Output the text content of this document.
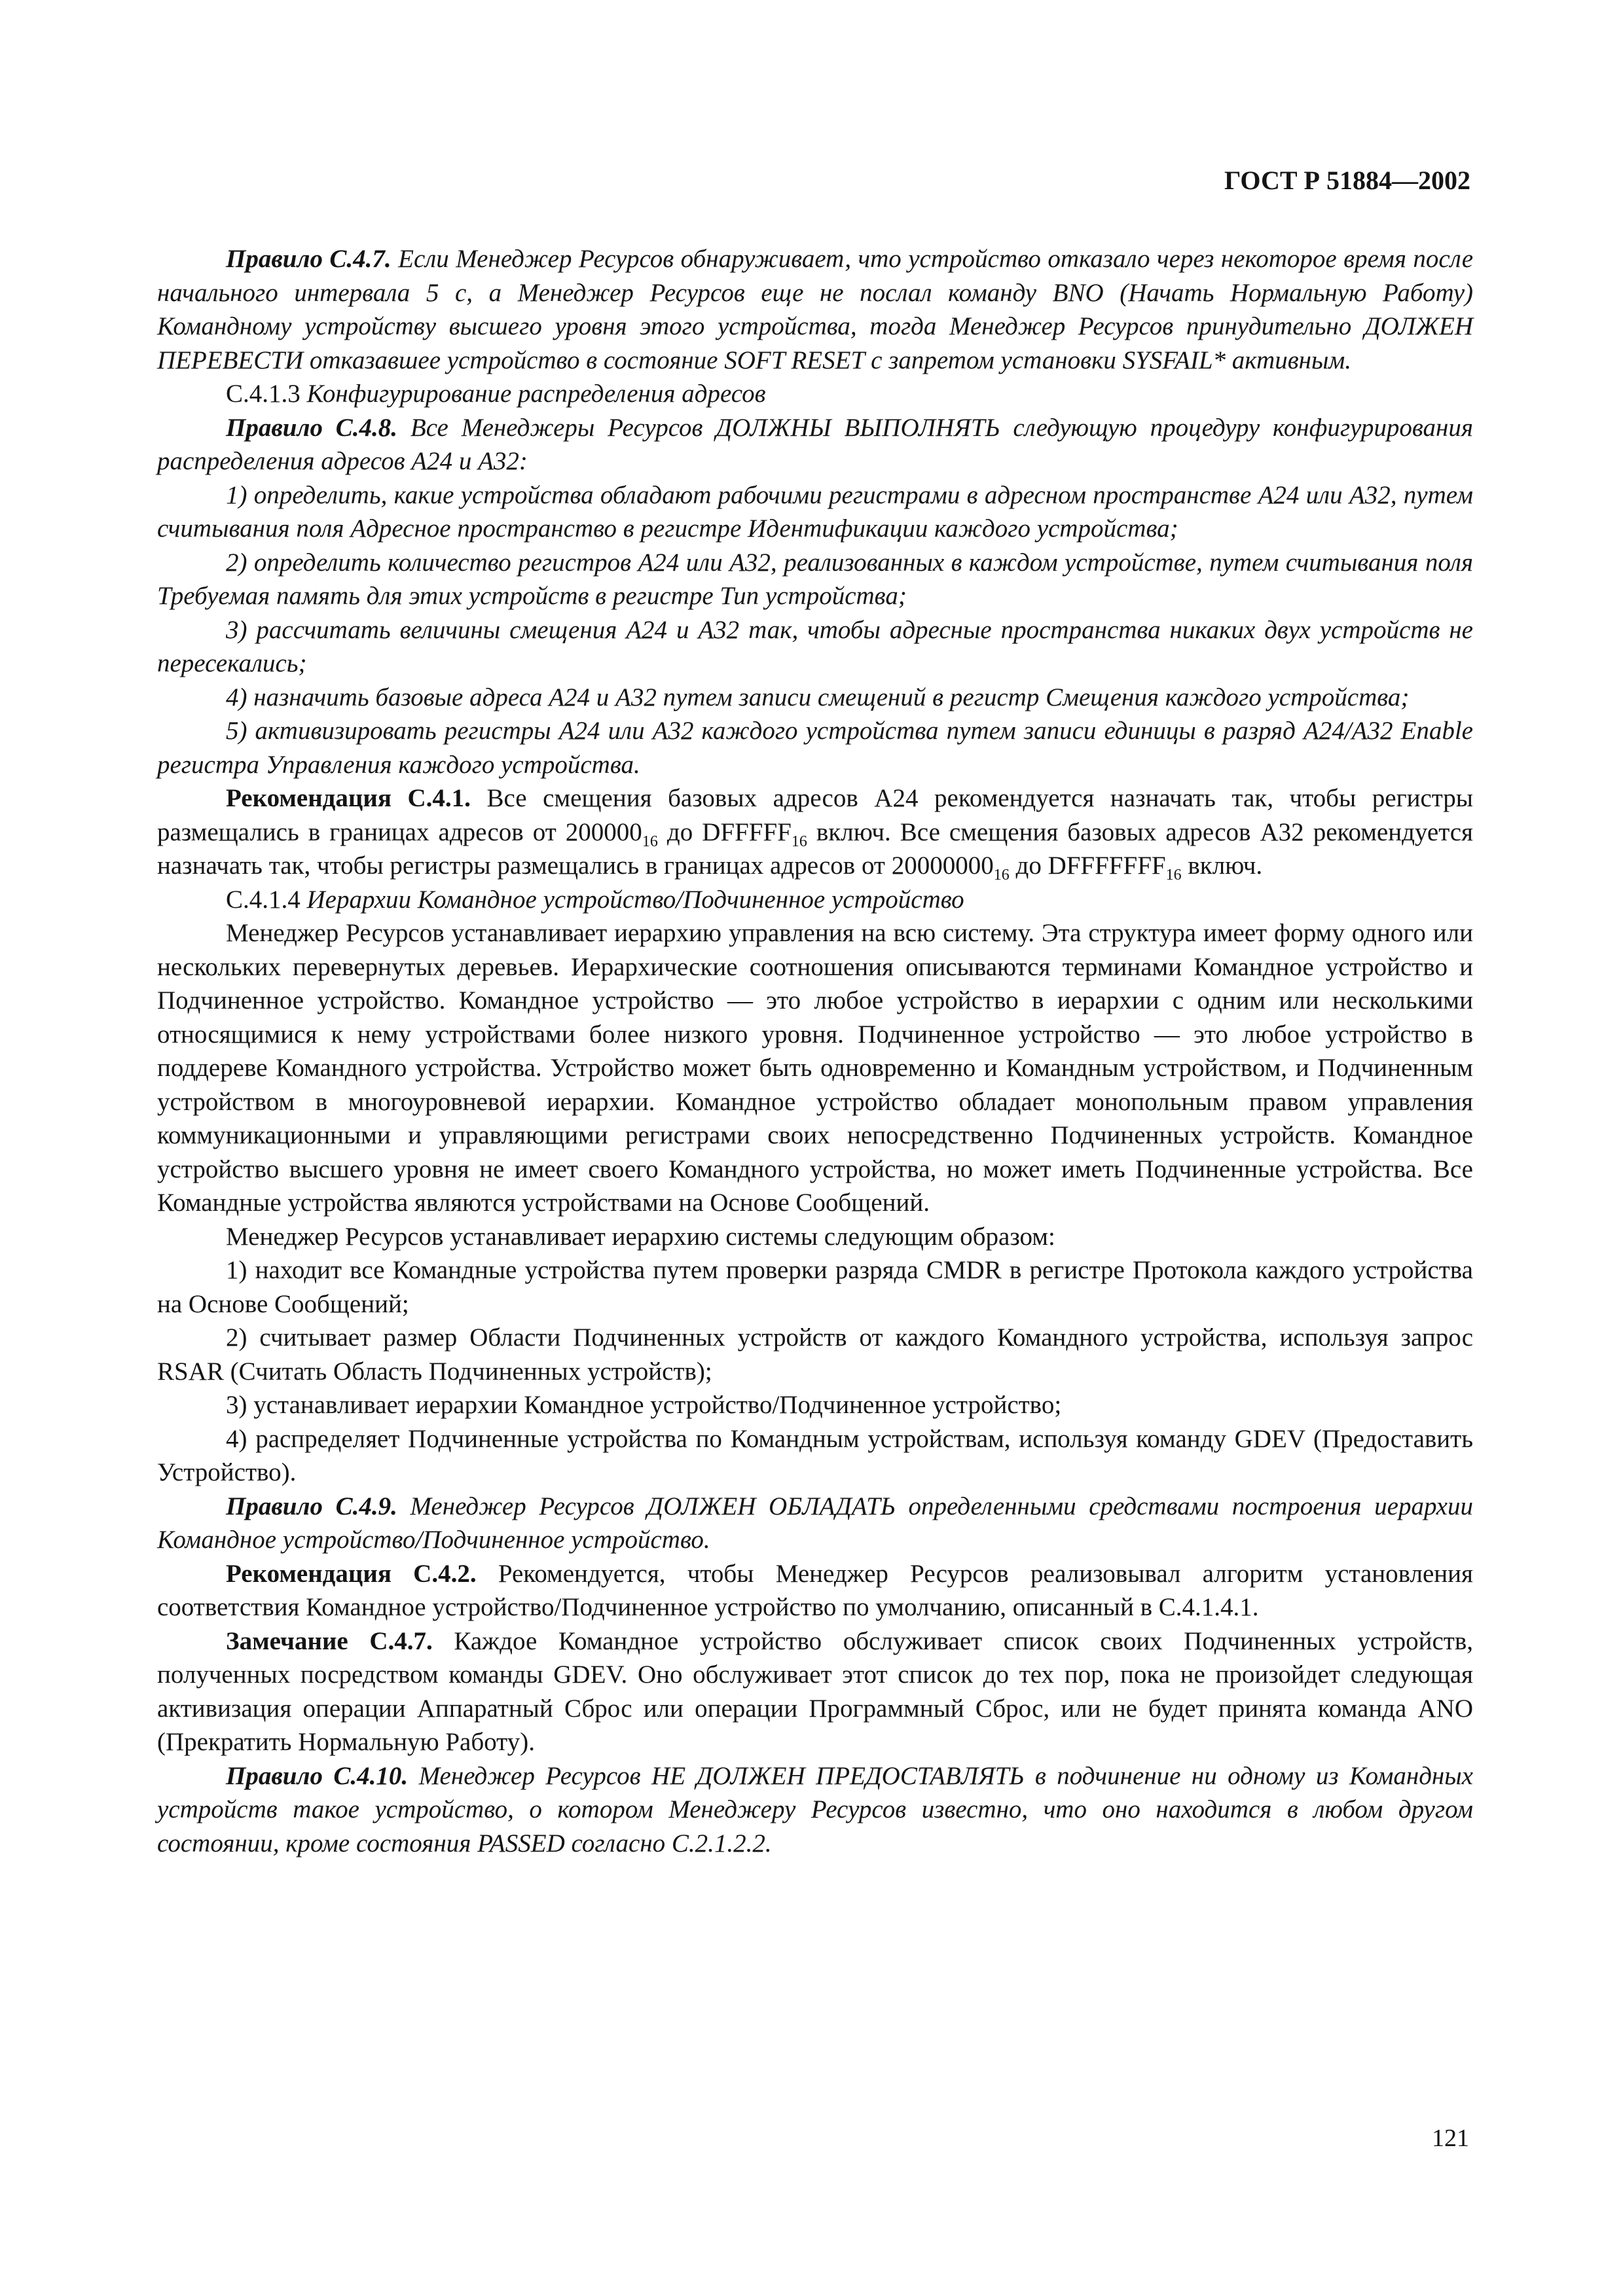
ГОСТ Р 51884—2002

Правило С.4.7. Если Менеджер Ресурсов обнаруживает, что устройство отказало через некоторое время после начального интервала 5 с, а Менеджер Ресурсов еще не послал команду BNO (Начать Нормальную Работу) Командному устройству высшего уровня этого устройства, тогда Менеджер Ресурсов принудительно ДОЛЖЕН ПЕРЕВЕСТИ отказавшее устройство в состояние SOFT RESET с запретом установки SYSFAIL* активным.

С.4.1.3 Конфигурирование распределения адресов

Правило С.4.8. Все Менеджеры Ресурсов ДОЛЖНЫ ВЫПОЛНЯТЬ следующую процедуру конфигурирования распределения адресов А24 и А32:

1) определить, какие устройства обладают рабочими регистрами в адресном пространстве А24 или А32, путем считывания поля Адресное пространство в регистре Идентификации каждого устройства;

2) определить количество регистров А24 или А32, реализованных в каждом устройстве, путем считывания поля Требуемая память для этих устройств в регистре Тип устройства;

3) рассчитать величины смещения А24 и А32 так, чтобы адресные пространства никаких двух устройств не пересекались;

4) назначить базовые адреса А24 и А32 путем записи смещений в регистр Смещения каждого устройства;

5) активизировать регистры А24 или А32 каждого устройства путем записи единицы в разряд А24/А32 Enable регистра Управления каждого устройства.

Рекомендация С.4.1. Все смещения базовых адресов А24 рекомендуется назначать так, чтобы регистры размещались в границах адресов от $200000_{16}$ до $DFFFFF_{16}$ включ. Все смещения базовых адресов А32 рекомендуется назначать так, чтобы регистры размещались в границах адресов от $20000000_{16}$ до $DFFFFFFF_{16}$ включ.

С.4.1.4 Иерархии Командное устройство/Подчиненное устройство

Менеджер Ресурсов устанавливает иерархию управления на всю систему. Эта структура имеет форму одного или нескольких перевернутых деревьев. Иерархические соотношения описываются терминами Командное устройство и Подчиненное устройство. Командное устройство — это любое устройство в иерархии с одним или несколькими относящимися к нему устройствами более низкого уровня. Подчиненное устройство — это любое устройство в поддереве Командного устройства. Устройство может быть одновременно и Командным устройством, и Подчиненным устройством в многоуровневой иерархии. Командное устройство обладает монопольным правом управления коммуникационными и управляющими регистрами своих непосредственно Подчиненных устройств. Командное устройство высшего уровня не имеет своего Командного устройства, но может иметь Подчиненные устройства. Все Командные устройства являются устройствами на Основе Сообщений.

Менеджер Ресурсов устанавливает иерархию системы следующим образом:

1) находит все Командные устройства путем проверки разряда CMDR в регистре Протокола каждого устройства на Основе Сообщений;

2) считывает размер Области Подчиненных устройств от каждого Командного устройства, используя запрос RSAR (Считать Область Подчиненных устройств);

3) устанавливает иерархии Командное устройство/Подчиненное устройство;

4) распределяет Подчиненные устройства по Командным устройствам, используя команду GDEV (Предоставить Устройство).

Правило С.4.9. Менеджер Ресурсов ДОЛЖЕН ОБЛАДАТЬ определенными средствами построения иерархии Командное устройство/Подчиненное устройство.

Рекомендация С.4.2. Рекомендуется, чтобы Менеджер Ресурсов реализовывал алгоритм установления соответствия Командное устройство/Подчиненное устройство по умолчанию, описанный в С.4.1.4.1.

Замечание С.4.7. Каждое Командное устройство обслуживает список своих Подчиненных устройств, полученных посредством команды GDEV. Оно обслуживает этот список до тех пор, пока не произойдет следующая активизация операции Аппаратный Сброс или операции Программный Сброс, или не будет принята команда ANO (Прекратить Нормальную Работу).

Правило С.4.10. Менеджер Ресурсов НЕ ДОЛЖЕН ПРЕДОСТАВЛЯТЬ в подчинение ни одному из Командных устройств такое устройство, о котором Менеджеру Ресурсов известно, что оно находится в любом другом состоянии, кроме состояния PASSED согласно С.2.1.2.2.

121
